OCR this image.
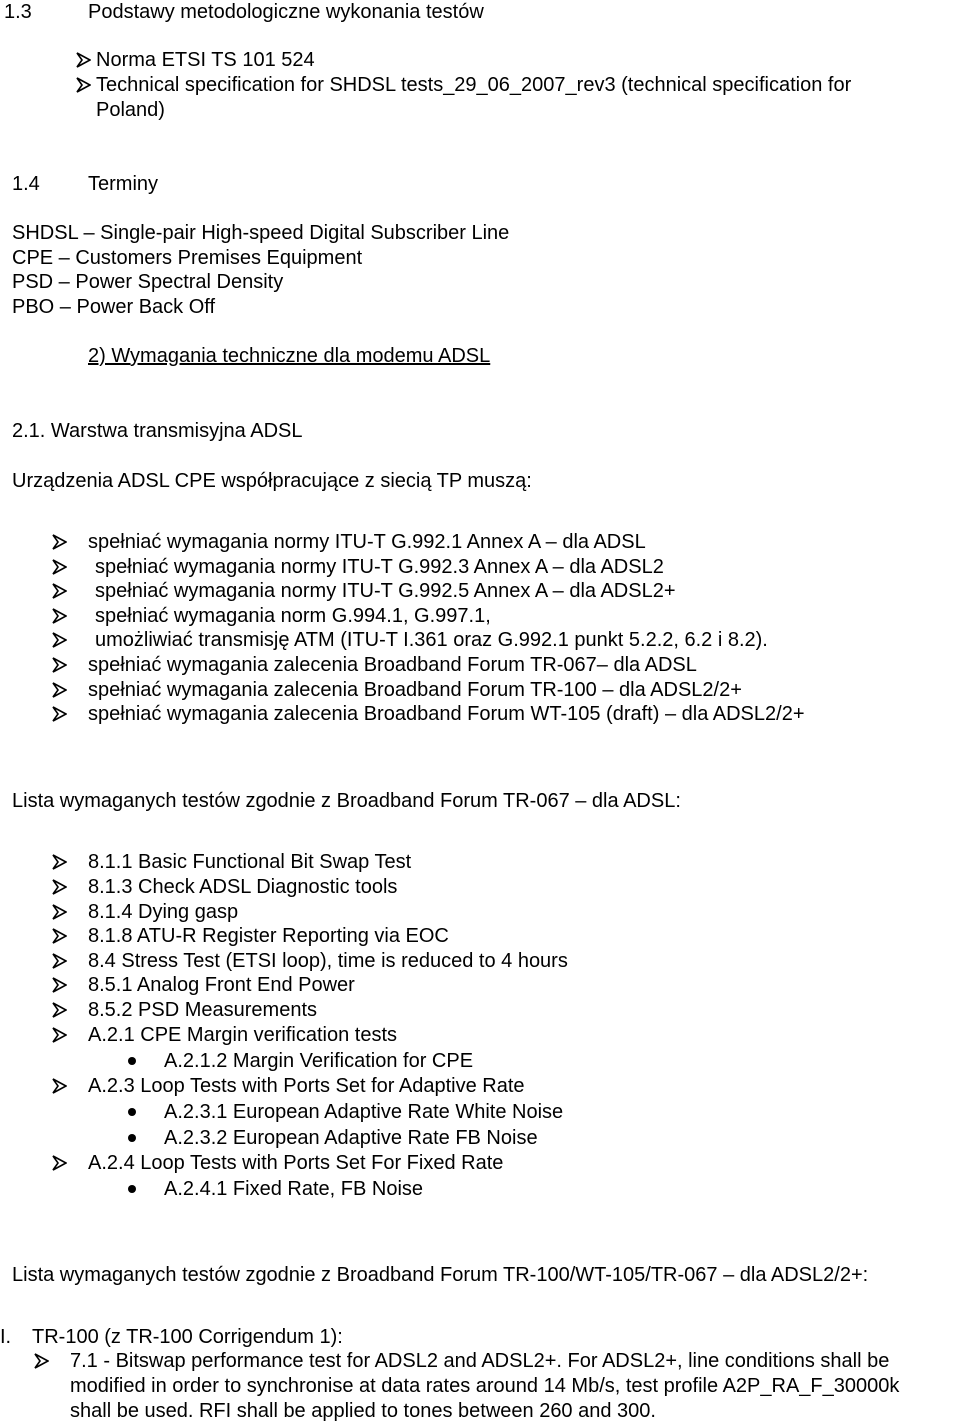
1.3	Podstawy metodologiczne wykonania testów
Norma ETSI TS 101 524
Technical specification for SHDSL tests_29_06_2007_rev3 (technical specification for
Poland)
1.4 Terminy
SHDSL – Single-pair High-speed Digital Subscriber Line
CPE – Customers Premises Equipment
PSD – Power Spectral Density
PBO – Power Back Off
2) Wymagania techniczne dla modemu ADSL
2.1. Warstwa transmisyjna ADSL
Urządzenia ADSL CPE współpracujące z siecią TP muszą:
spełniać wymagania normy ITU-T G.992.1 Annex A – dla ADSL
spełniać wymagania normy ITU-T G.992.3 Annex A – dla ADSL2
spełniać wymagania normy ITU-T G.992.5 Annex A – dla ADSL2+
spełniać wymagania norm G.994.1, G.997.1,
umożliwiać transmisję ATM (ITU-T I.361 oraz G.992.1 punkt 5.2.2, 6.2 i 8.2).
spełniać wymagania zalecenia Broadband Forum TR-067– dla ADSL
spełniać wymagania zalecenia Broadband Forum TR-100 – dla ADSL2/2+
spełniać wymagania zalecenia Broadband Forum WT-105 (draft) – dla ADSL2/2+
Lista wymaganych testów zgodnie z Broadband Forum TR-067 – dla ADSL:
8.1.1 Basic Functional Bit Swap Test
8.1.3 Check ADSL Diagnostic tools
8.1.4 Dying gasp
8.1.8 ATU-R Register Reporting via EOC
8.4 Stress Test (ETSI loop), time is reduced to 4 hours
8.5.1 Analog Front End Power
8.5.2 PSD Measurements
A.2.1 CPE Margin verification tests
A.2.1.2 Margin Verification for CPE
A.2.3 Loop Tests with Ports Set for Adaptive Rate
A.2.3.1 European Adaptive Rate White Noise
A.2.3.2 European Adaptive Rate FB Noise
A.2.4 Loop Tests with Ports Set For Fixed Rate
A.2.4.1 Fixed Rate, FB Noise
Lista wymaganych testów zgodnie z Broadband Forum TR-100/WT-105/TR-067 – dla ADSL2/2+:
I. TR-100 (z TR-100 Corrigendum 1):
7.1 - Bitswap performance test for ADSL2 and ADSL2+. For ADSL2+, line conditions shall be
modified in order to synchronise at data rates around 14 Mb/s, test profile A2P_RA_F_30000k
shall be used. RFI shall be applied to tones between 260 and 300.
